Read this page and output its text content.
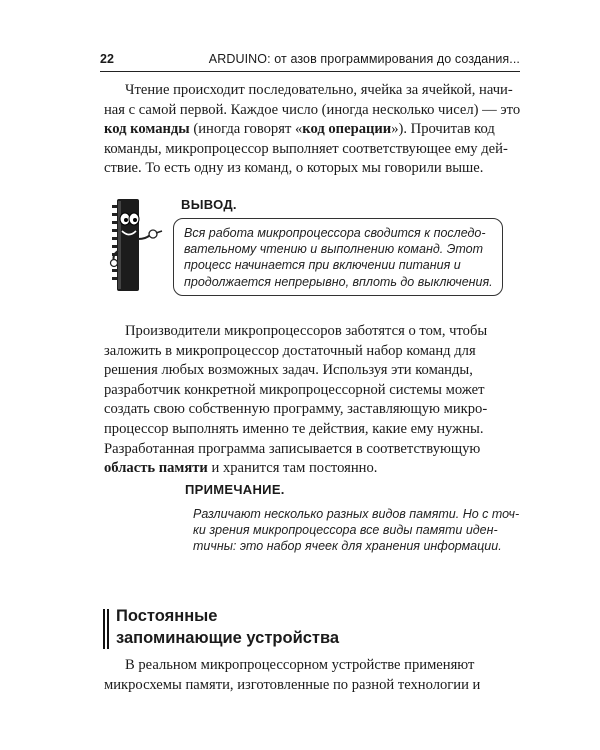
22	ARDUINO: от азов программирования до создания...
Чтение происходит последовательно, ячейка за ячейкой, начи-
ная с самой первой. Каждое число (иногда несколько чисел) — это
код команды (иногда говорят «код операции»). Прочитав код
команды, микропроцессор выполняет соответствующее ему дей-
ствие. То есть одну из команд, о которых мы говорили выше.
ВЫВОД.
Вся работа микропроцессора сводится к последо-
вательному чтению и выполнению команд. Этот
процесс начинается при включении питания и
продолжается непрерывно, вплоть до выключения.
Производители микропроцессоров заботятся о том, чтобы
заложить в микропроцессор достаточный набор команд для
решения любых возможных задач. Используя эти команды,
разработчик конкретной микропроцессорной системы может
создать свою собственную программу, заставляющую микро-
процессор выполнять именно те действия, какие ему нужны.
Разработанная программа записывается в соответствующую
область памяти и хранится там постоянно.
ПРИМЕЧАНИЕ.
Различают несколько разных видов памяти. Но с точ-
ки зрения микропроцессора все виды памяти иден-
тичны: это набор ячеек для хранения информации.
Постоянные
запоминающие устройства
В реальном микропроцессорном устройстве применяют
микросхемы памяти, изготовленные по разной технологии и
